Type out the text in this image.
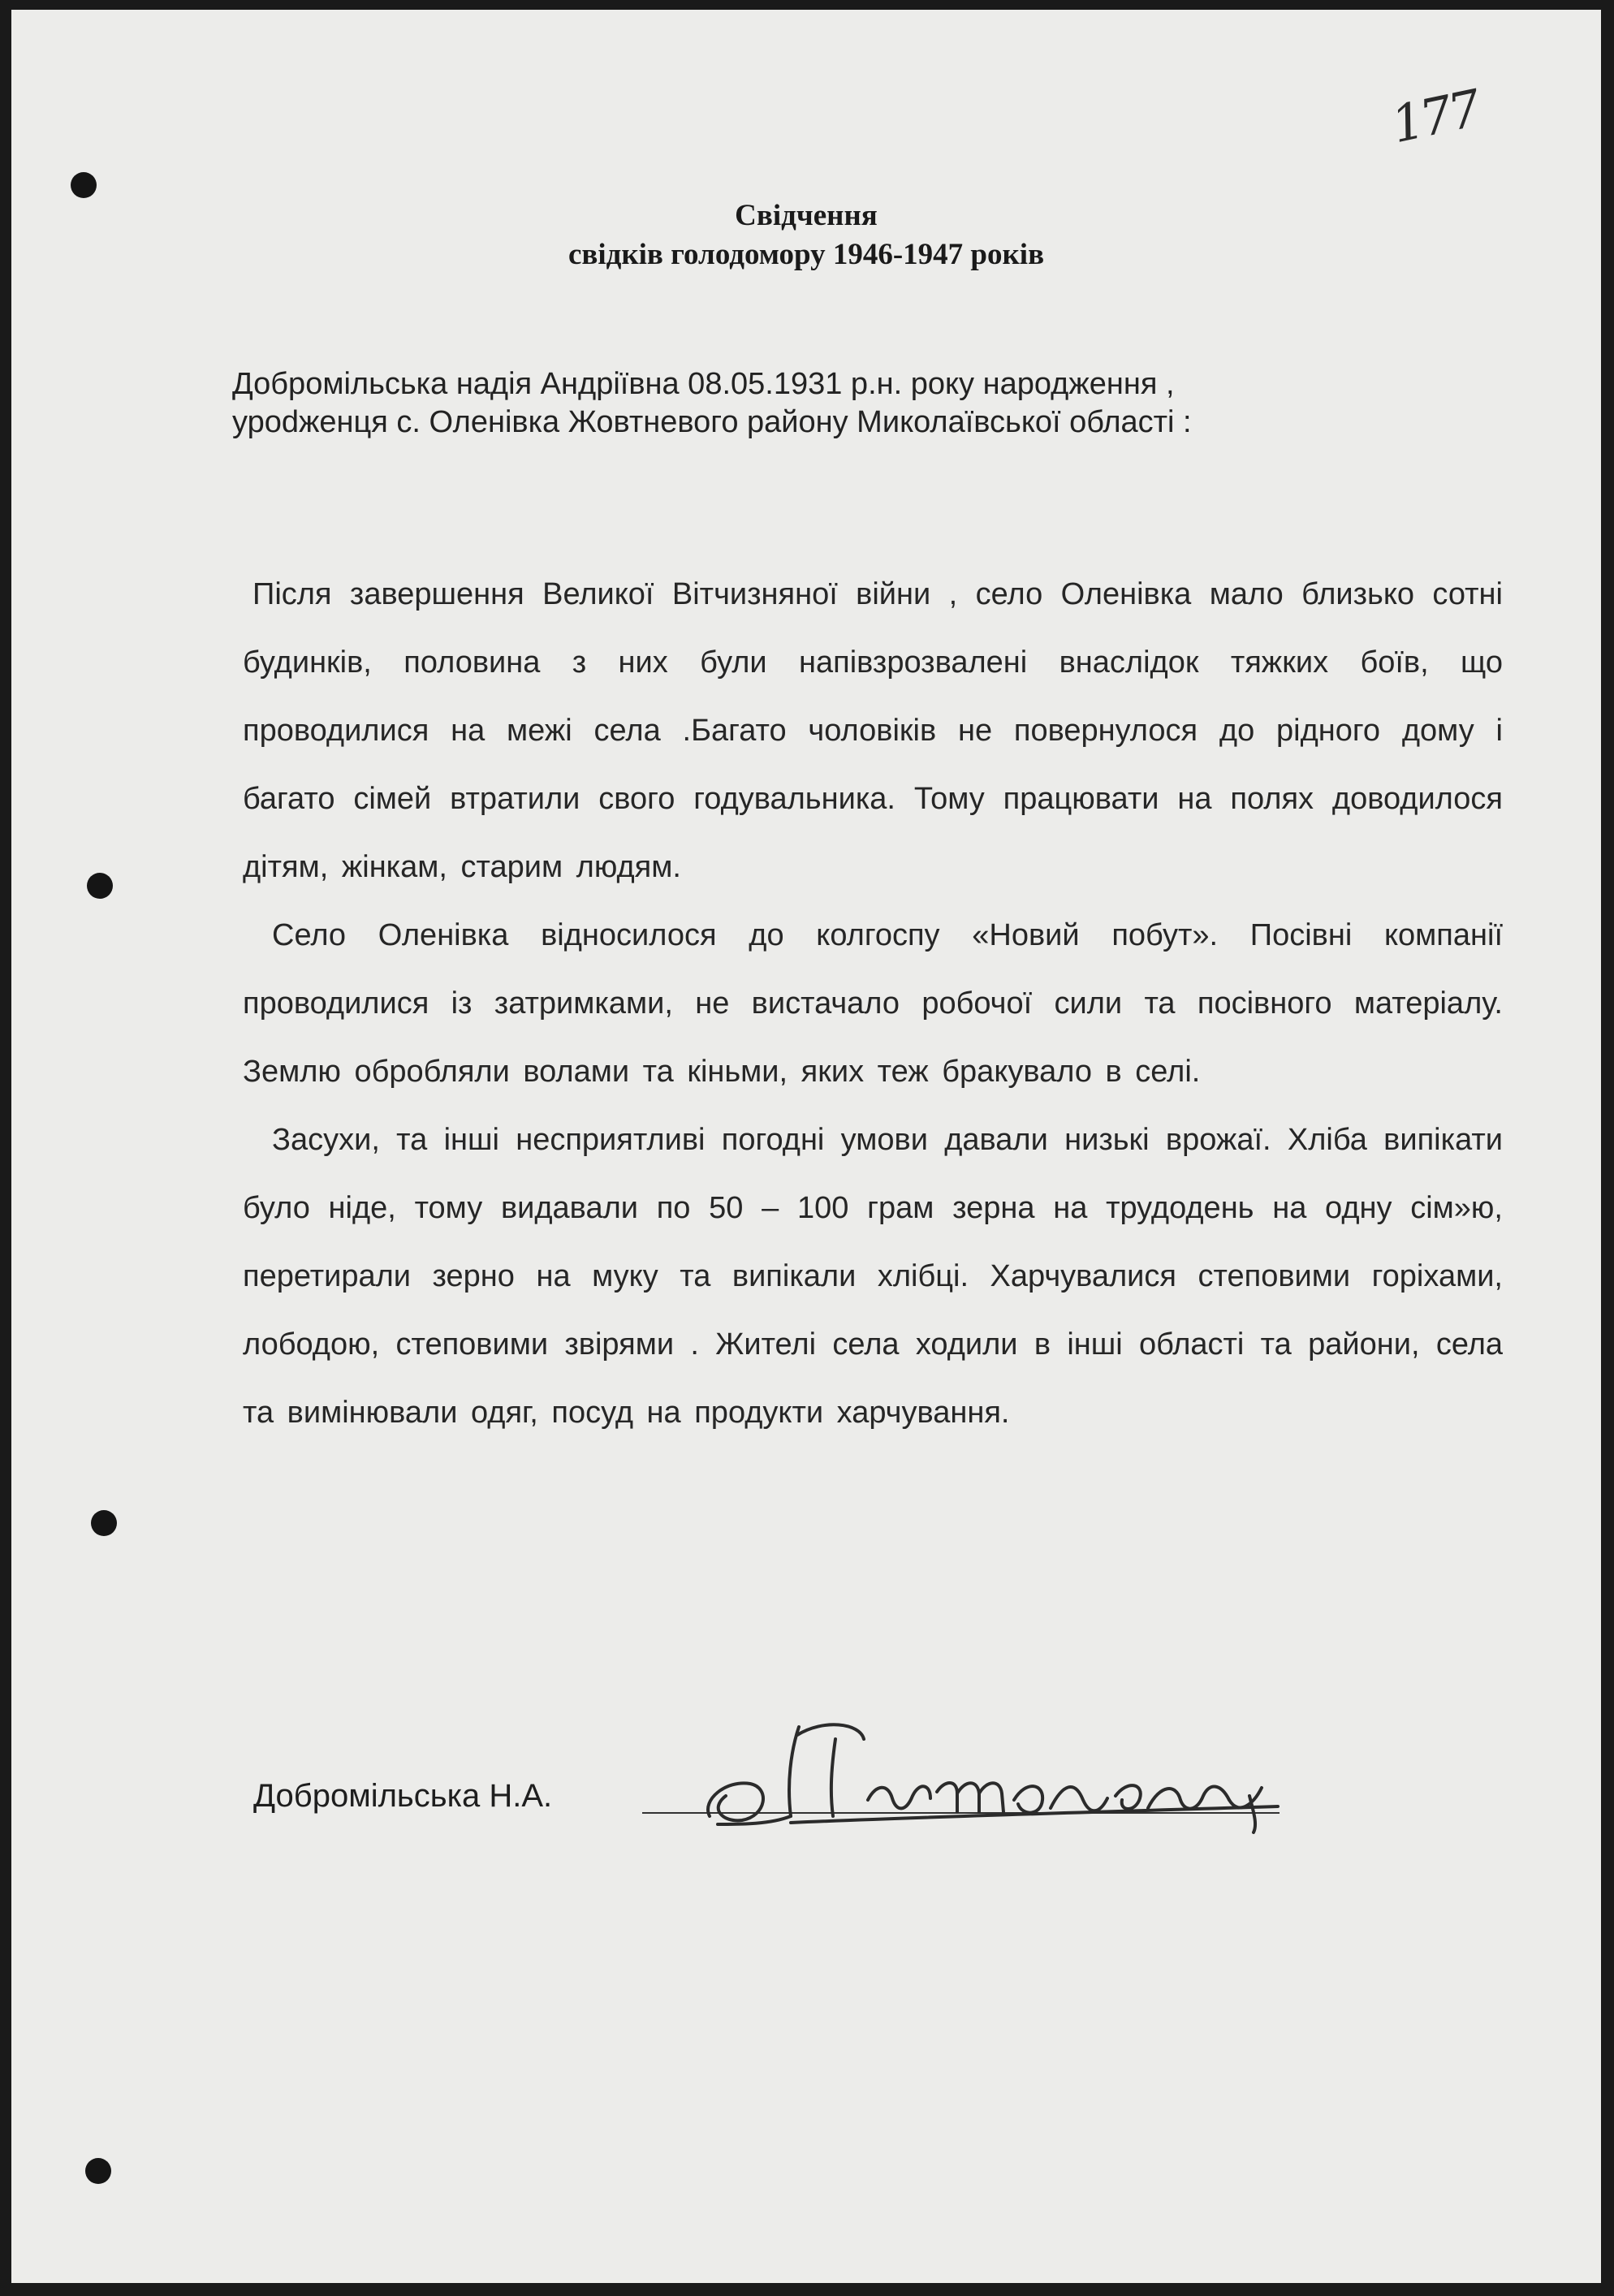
177
Свідчення
свідків голодомору 1946-1947 років
Добромільська надія Андріївна 08.05.1931 р.н. року народження ,
урodженця с. Оленівка Жовтневого району Миколаївської області :

Після завершення Великої Вітчизняної війни , село Оленівка мало близько сотні будинків, половина з них були напівзрозвалені внаслідок тяжких боїв, що проводилися на межі села .Багато чоловіків не повернулося до рідного дому і багато сімей втратили свого годувальника. Тому працювати на полях доводилося дітям, жінкам, старим людям.

Село Оленівка відносилося до колгоспу «Новий побут». Посівні компанії проводилися із затримками, не вистачало робочої сили та посівного матеріалу. Землю обробляли волами та кіньми, яких теж бракувало в селі.

Засухи, та інші несприятливі погодні умови давали низькі врожаї. Хліба випікати було ніде, тому видавали по 50 – 100 грам зерна на трудодень на одну сім»ю, перетирали зерно на муку та випікали хлібці. Харчувалися степовими горіхами, лободою, степовими звірями . Жителі села ходили в інші області та райони, села та вимінювали одяг, посуд на продукти харчування.

Добромільська Н.А.
